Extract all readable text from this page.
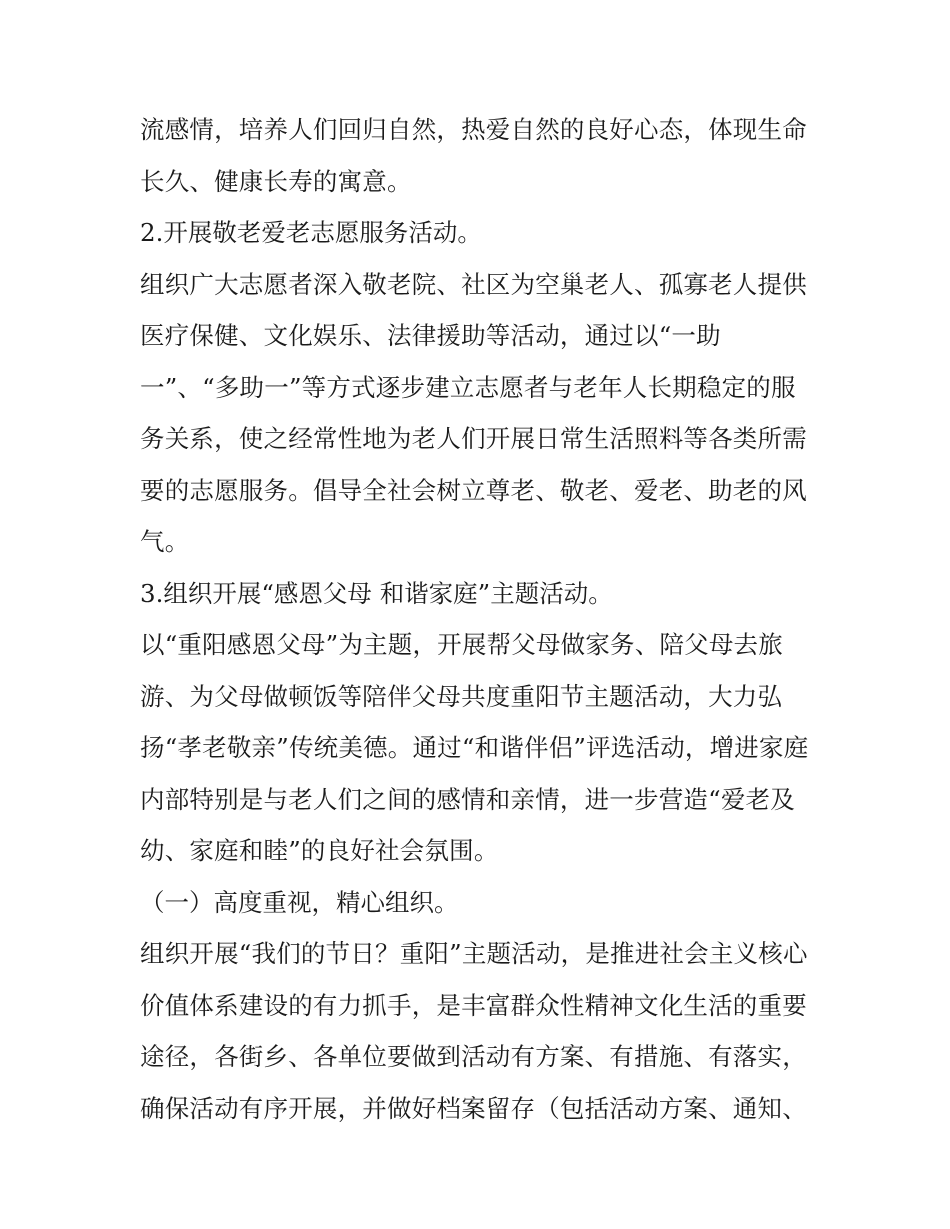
流感情，培养人们回归自然，热爱自然的良好心态，体现生命
长久、健康长寿的寓意。
2.开展敬老爱老志愿服务活动。
组织广大志愿者深入敬老院、社区为空巢老人、孤寡老人提供
医疗保健、文化娱乐、法律援助等活动，通过以“一助
一”、“多助一”等方式逐步建立志愿者与老年人长期稳定的服
务关系，使之经常性地为老人们开展日常生活照料等各类所需
要的志愿服务。倡导全社会树立尊老、敬老、爱老、助老的风
气。
3.组织开展“感恩父母 和谐家庭”主题活动。
以“重阳感恩父母”为主题，开展帮父母做家务、陪父母去旅
游、为父母做顿饭等陪伴父母共度重阳节主题活动，大力弘
扬“孝老敬亲”传统美德。通过“和谐伴侣”评选活动，增进家庭
内部特别是与老人们之间的感情和亲情，进一步营造“爱老及
幼、家庭和睦”的良好社会氛围。
（一）高度重视，精心组织。
组织开展“我们的节日？重阳”主题活动，是推进社会主义核心
价值体系建设的有力抓手，是丰富群众性精神文化生活的重要
途径，各街乡、各单位要做到活动有方案、有措施、有落实，
确保活动有序开展，并做好档案留存（包括活动方案、通知、
